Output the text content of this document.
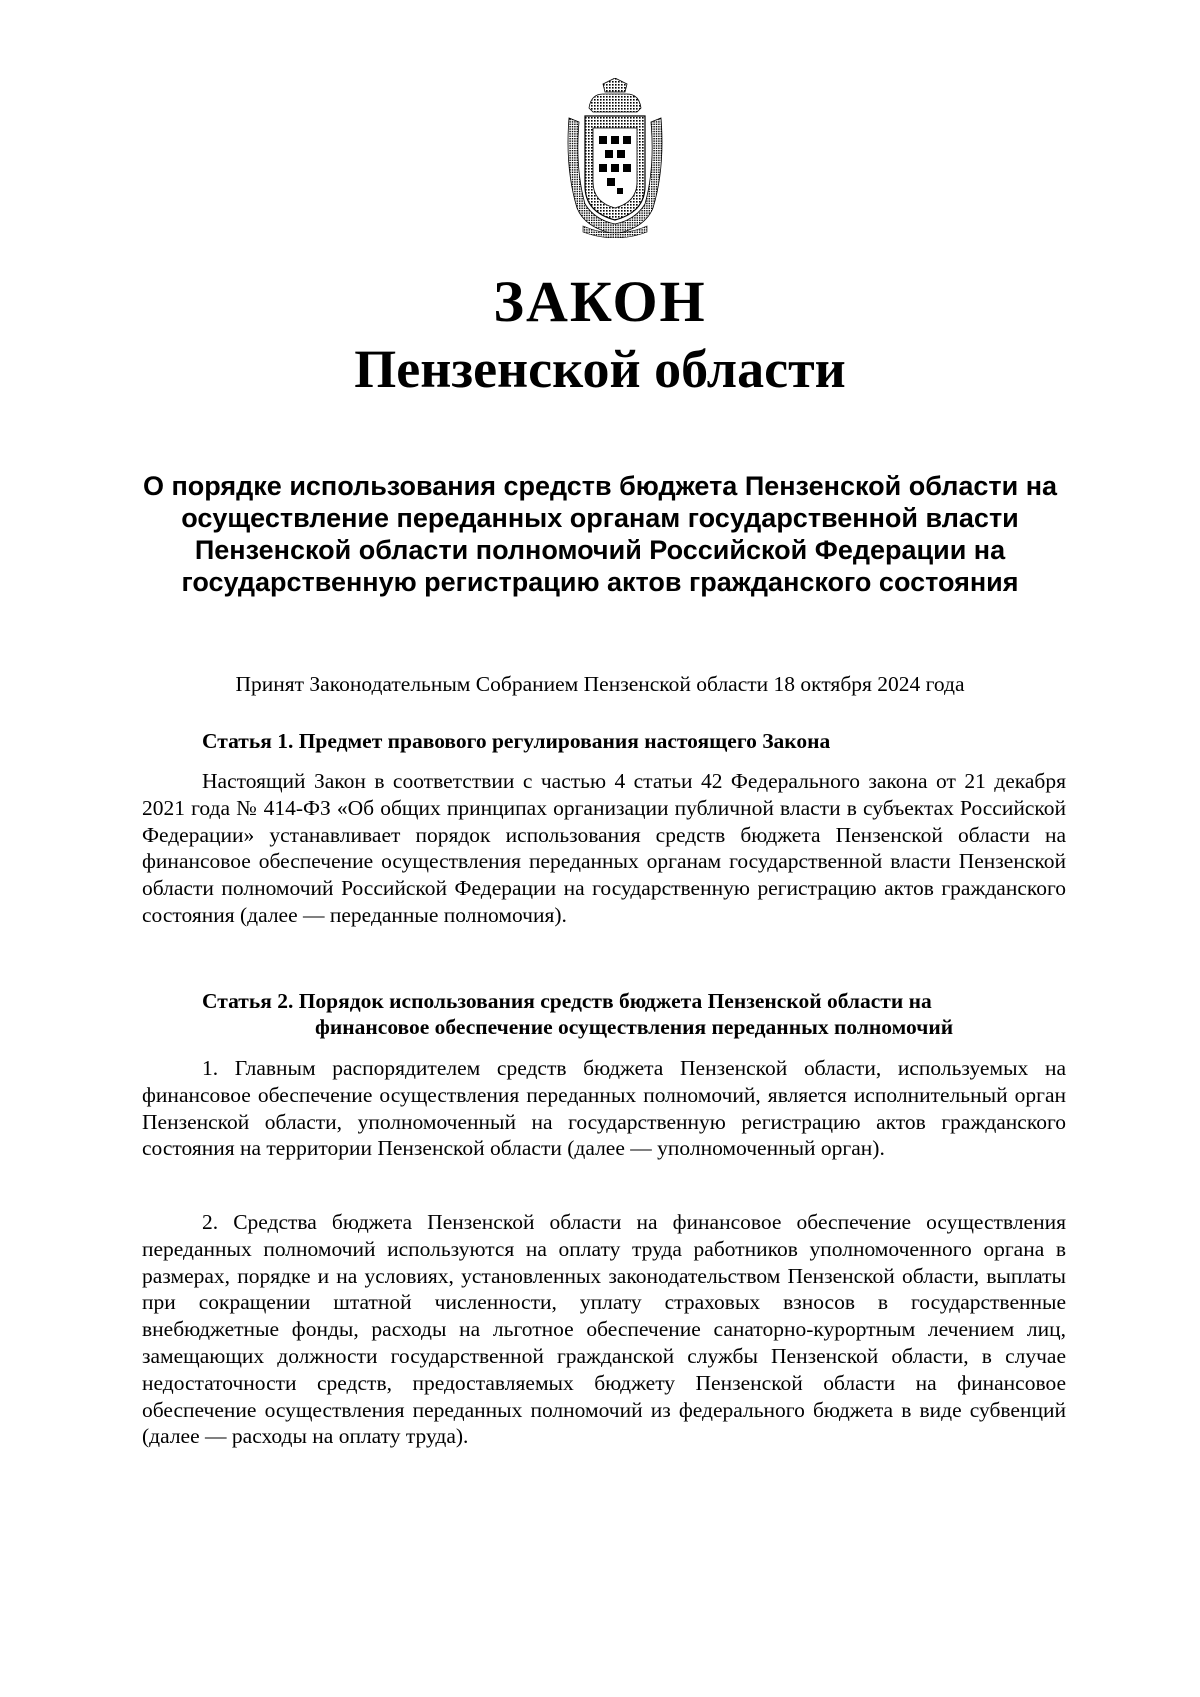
ЗАКОН
Пензенской области
О порядке использования средств бюджета Пензенской области на осуществление переданных органам государственной власти Пензенской области полномочий Российской Федерации на государственную регистрацию актов гражданского состояния
Принят Законодательным Собранием Пензенской области 18 октября 2024 года
Статья 1. Предмет правового регулирования настоящего Закона
Настоящий Закон в соответствии с частью 4 статьи 42 Федерального закона от 21 декабря 2021 года № 414-ФЗ «Об общих принципах организации публичной власти в субъектах Российской Федерации» устанавливает порядок использования средств бюджета Пензенской области на финансовое обеспечение осуществления переданных органам государственной власти Пензенской области полномочий Российской Федерации на государственную регистрацию актов гражданского состояния (далее — переданные полномочия).
Статья 2. Порядок использования средств бюджета Пензенской области на
финансовое обеспечение осуществления переданных полномочий
1. Главным распорядителем средств бюджета Пензенской области, используемых на финансовое обеспечение осуществления переданных полномочий, является исполнительный орган Пензенской области, уполномоченный на государственную регистрацию актов гражданского состояния на территории Пензенской области (далее — уполномоченный орган).
2. Средства бюджета Пензенской области на финансовое обеспечение осуществления переданных полномочий используются на оплату труда работников уполномоченного органа в размерах, порядке и на условиях, установленных законодательством Пензенской области, выплаты при сокращении штатной численности, уплату страховых взносов в государственные внебюджетные фонды, расходы на льготное обеспечение санаторно-курортным лечением лиц, замещающих должности государственной гражданской службы Пензенской области, в случае недостаточности средств, предоставляемых бюджету Пензенской области на финансовое обеспечение осуществления переданных полномочий из федерального бюджета в виде субвенций (далее — расходы на оплату труда).
